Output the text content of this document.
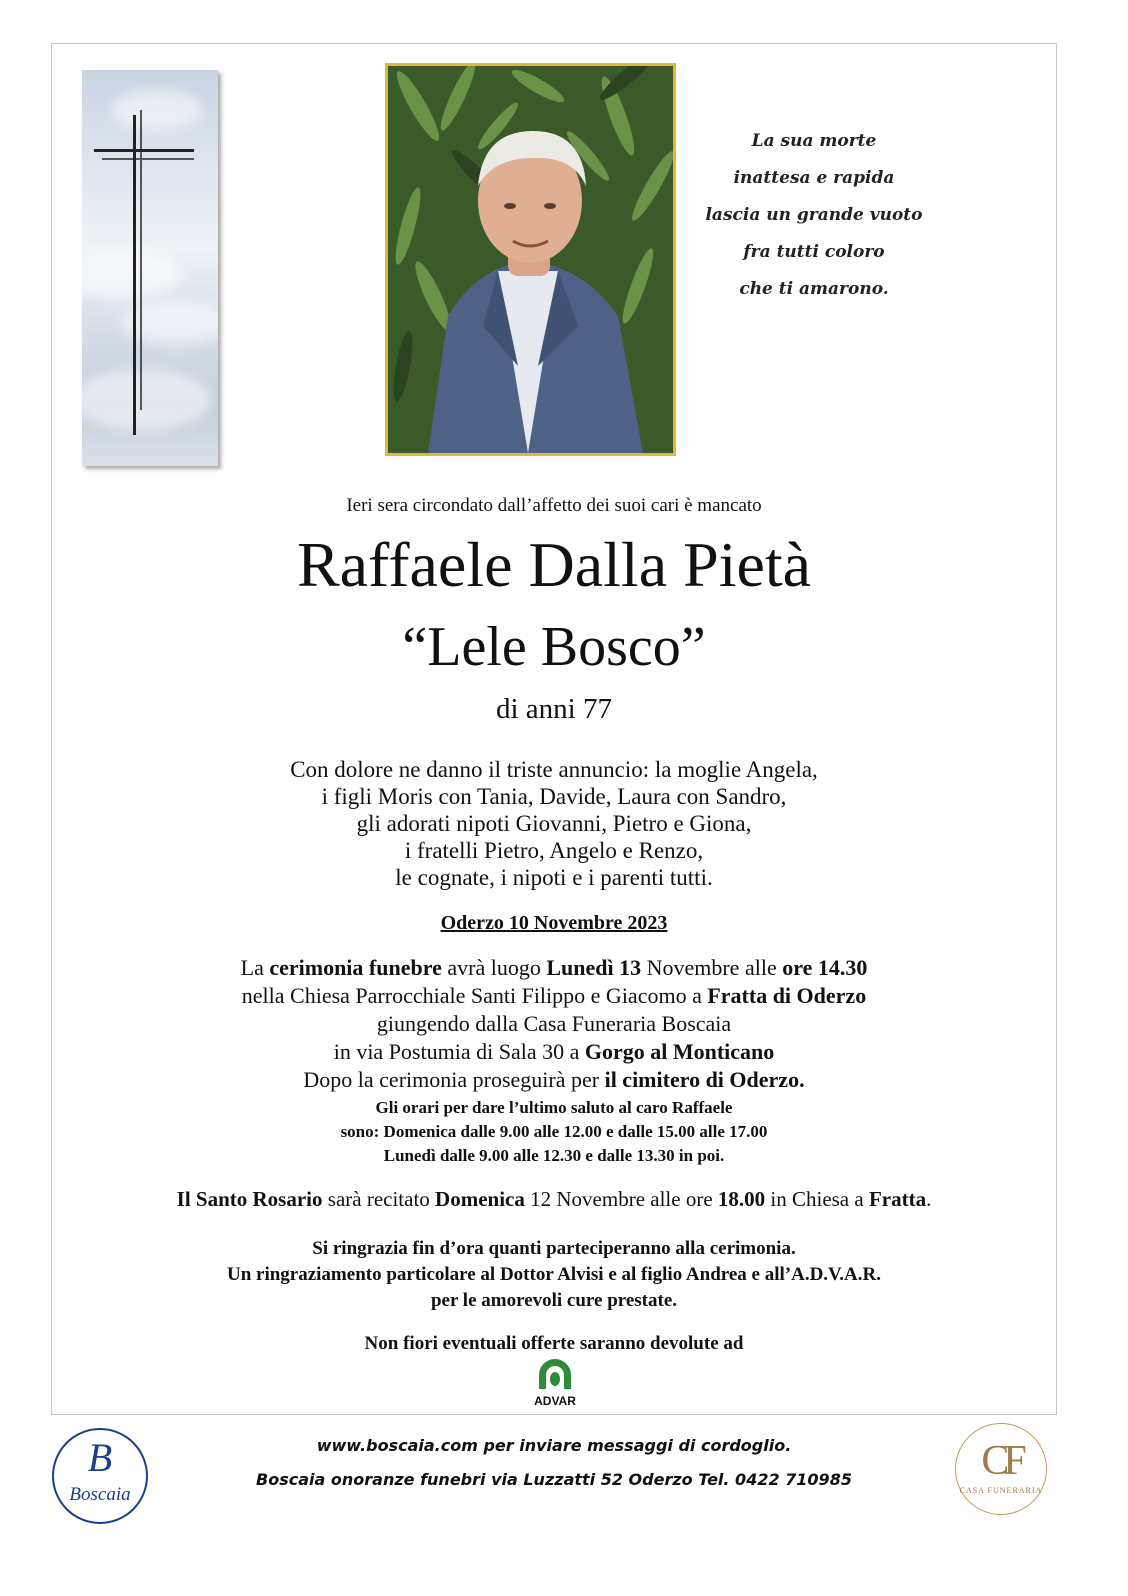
La sua morte
inattesa e rapida
lascia un grande vuoto
fra tutti coloro
che ti amarono.
Ieri sera circondato dall’affetto dei suoi cari è mancato
Raffaele Dalla Pietà
“Lele Bosco”
di anni 77
Con dolore ne danno il triste annuncio: la moglie Angela,
i figli Moris con Tania, Davide, Laura con Sandro,
gli adorati nipoti Giovanni, Pietro e Giona,
i fratelli Pietro, Angelo e Renzo,
le cognate, i nipoti e i parenti tutti.
Oderzo 10 Novembre 2023
La cerimonia funebre avrà luogo Lunedì 13 Novembre alle ore 14.30
nella Chiesa Parrocchiale Santi Filippo e Giacomo a Fratta di Oderzo
giungendo dalla Casa Funeraria Boscaia
in via Postumia di Sala 30 a Gorgo al Monticano
Dopo la cerimonia proseguirà per il cimitero di Oderzo.
Gli orari per dare l’ultimo saluto al caro Raffaele
sono: Domenica dalle 9.00 alle 12.00 e dalle 15.00 alle 17.00
Lunedì dalle 9.00 alle 12.30 e dalle 13.30 in poi.
Il Santo Rosario sarà recitato Domenica 12 Novembre alle ore 18.00 in Chiesa a Fratta.
Si ringrazia fin d’ora quanti parteciperanno alla cerimonia.
Un ringraziamento particolare al Dottor Alvisi e al figlio Andrea e all’A.D.V.A.R.
per le amorevoli cure prestate.
Non fiori eventuali offerte saranno devolute ad
ADVAR
www.boscaia.com per inviare messaggi di cordoglio.
Boscaia onoranze funebri via Luzzatti 52 Oderzo Tel. 0422 710985
B
Boscaia
CF
CASA FUNERARIA
